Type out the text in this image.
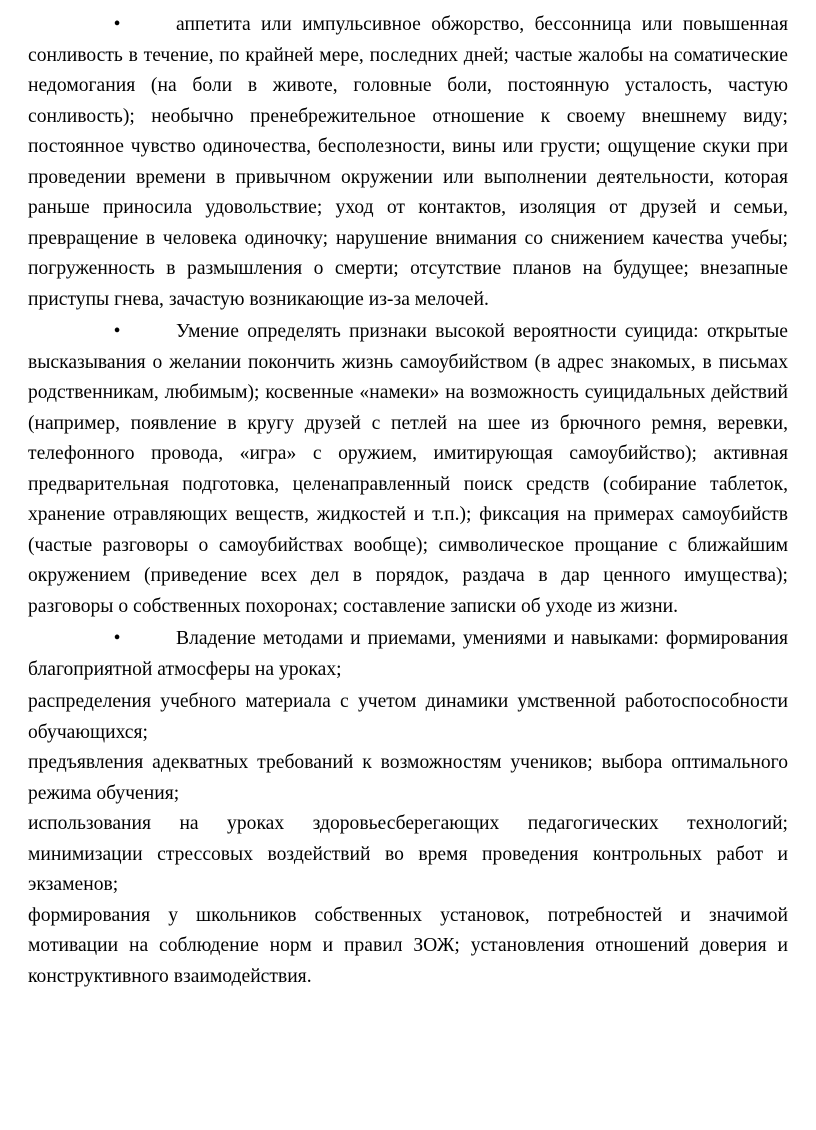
•	аппетита или импульсивное обжорство, бессонница или повышенная сонливость в течение, по крайней мере, последних дней; частые жалобы на соматические недомогания (на боли в животе, головные боли, постоянную усталость, частую сонливость); необычно пренебрежительное отношение к своему внешнему виду; постоянное чувство одиночества, бесполезности, вины или грусти; ощущение скуки при проведении времени в привычном окружении или выполнении деятельности, которая раньше приносила удовольствие; уход от контактов, изоляция от друзей и семьи, превращение в человека одиночку; нарушение внимания со снижением качества учебы; погруженность в размышления о смерти; отсутствие планов на будущее; внезапные приступы гнева, зачастую возникающие из-за мелочей.

•	Умение определять признаки высокой вероятности суицида: открытые высказывания о желании покончить жизнь самоубийством (в адрес знакомых, в письмах родственникам, любимым); косвенные «намеки» на возможность суицидальных действий (например, появление в кругу друзей с петлей на шее из брючного ремня, веревки, телефонного провода, «игра» с оружием, имитирующая самоубийство); активная предварительная подготовка, целенаправленный поиск средств (собирание таблеток, хранение отравляющих веществ, жидкостей и т.п.); фиксация на примерах самоубийств (частые разговоры о самоубийствах вообще); символическое прощание с ближайшим окружением (приведение всех дел в порядок, раздача в дар ценного имущества); разговоры о собственных похоронах; составление записки об уходе из жизни.

•	Владение методами и приемами, умениями и навыками: формирования благоприятной атмосферы на уроках;

распределения учебного материала с учетом динамики умственной работоспособности обучающихся;

предъявления адекватных требований к возможностям учеников; выбора оптимального режима обучения;

использования на уроках здоровьесберегающих педагогических технологий; минимизации стрессовых воздействий во время проведения контрольных работ и экзаменов;

формирования у школьников собственных установок, потребностей и значимой мотивации на соблюдение норм и правил ЗОЖ; установления отношений доверия и конструктивного взаимодействия.
